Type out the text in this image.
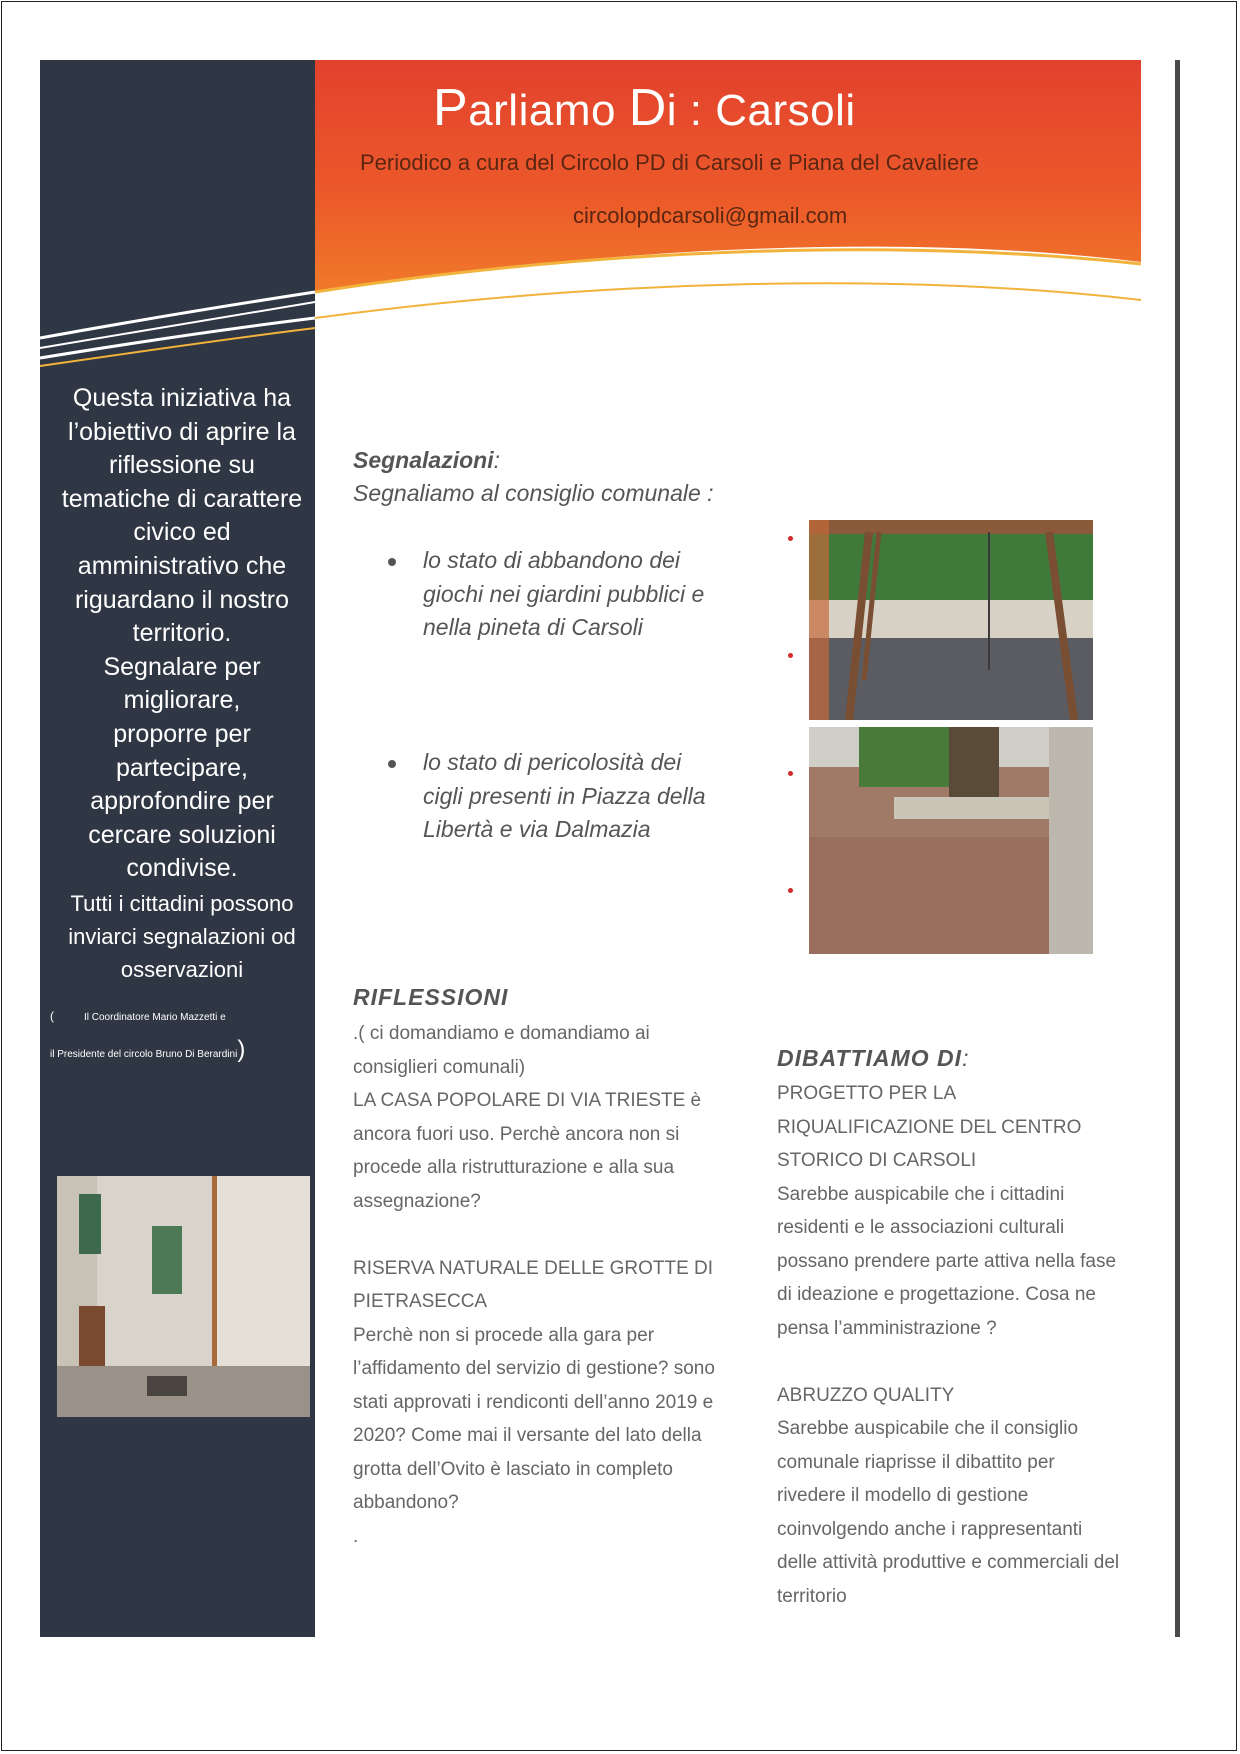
Parliamo Di : Carsoli
Periodico a cura del Circolo PD di Carsoli e Piana del Cavaliere
circolopdcarsoli@gmail.com
Questa iniziativa ha
l’obiettivo di aprire la
riflessione su
tematiche di carattere
civico ed
amministrativo che
riguardano il nostro
territorio.
Segnalare per
migliorare,
proporre per
partecipare,
approfondire per
cercare soluzioni
condivise.
Tutti i cittadini possono
inviarci segnalazioni od
osservazioni
(	Il Coordinatore Mario Mazzetti e
il Presidente del circolo Bruno Di Berardini)
Segnalazioni:
Segnaliamo al consiglio comunale :
lo stato di abbandono dei
giochi nei giardini pubblici e
nella pineta di Carsoli
lo stato di pericolosità dei
cigli presenti in Piazza della
Libertà e via Dalmazia
RIFLESSIONI

.( ci domandiamo e domandiamo ai

consiglieri comunali)

LA CASA POPOLARE DI VIA TRIESTE è

ancora fuori uso. Perchè ancora non si

procede alla ristrutturazione e alla sua

assegnazione?

RISERVA NATURALE DELLE GROTTE DI

PIETRASECCA

Perchè non si procede alla gara per

l’affidamento del servizio di gestione? sono

stati approvati i rendiconti dell’anno 2019 e

2020? Come mai il versante del lato della

grotta dell’Ovito è lasciato in completo

abbandono?

.

DIBATTIAMO DI:

PROGETTO PER LA

RIQUALIFICAZIONE DEL CENTRO

STORICO DI CARSOLI

Sarebbe auspicabile che i cittadini

residenti e le associazioni culturali

possano prendere parte attiva nella fase

di ideazione e progettazione. Cosa ne

pensa l’amministrazione ?

ABRUZZO QUALITY

Sarebbe auspicabile che il consiglio

comunale riaprisse il dibattito per

rivedere il modello di gestione

coinvolgendo anche i rappresentanti

delle attività produttive e commerciali del

territorio
